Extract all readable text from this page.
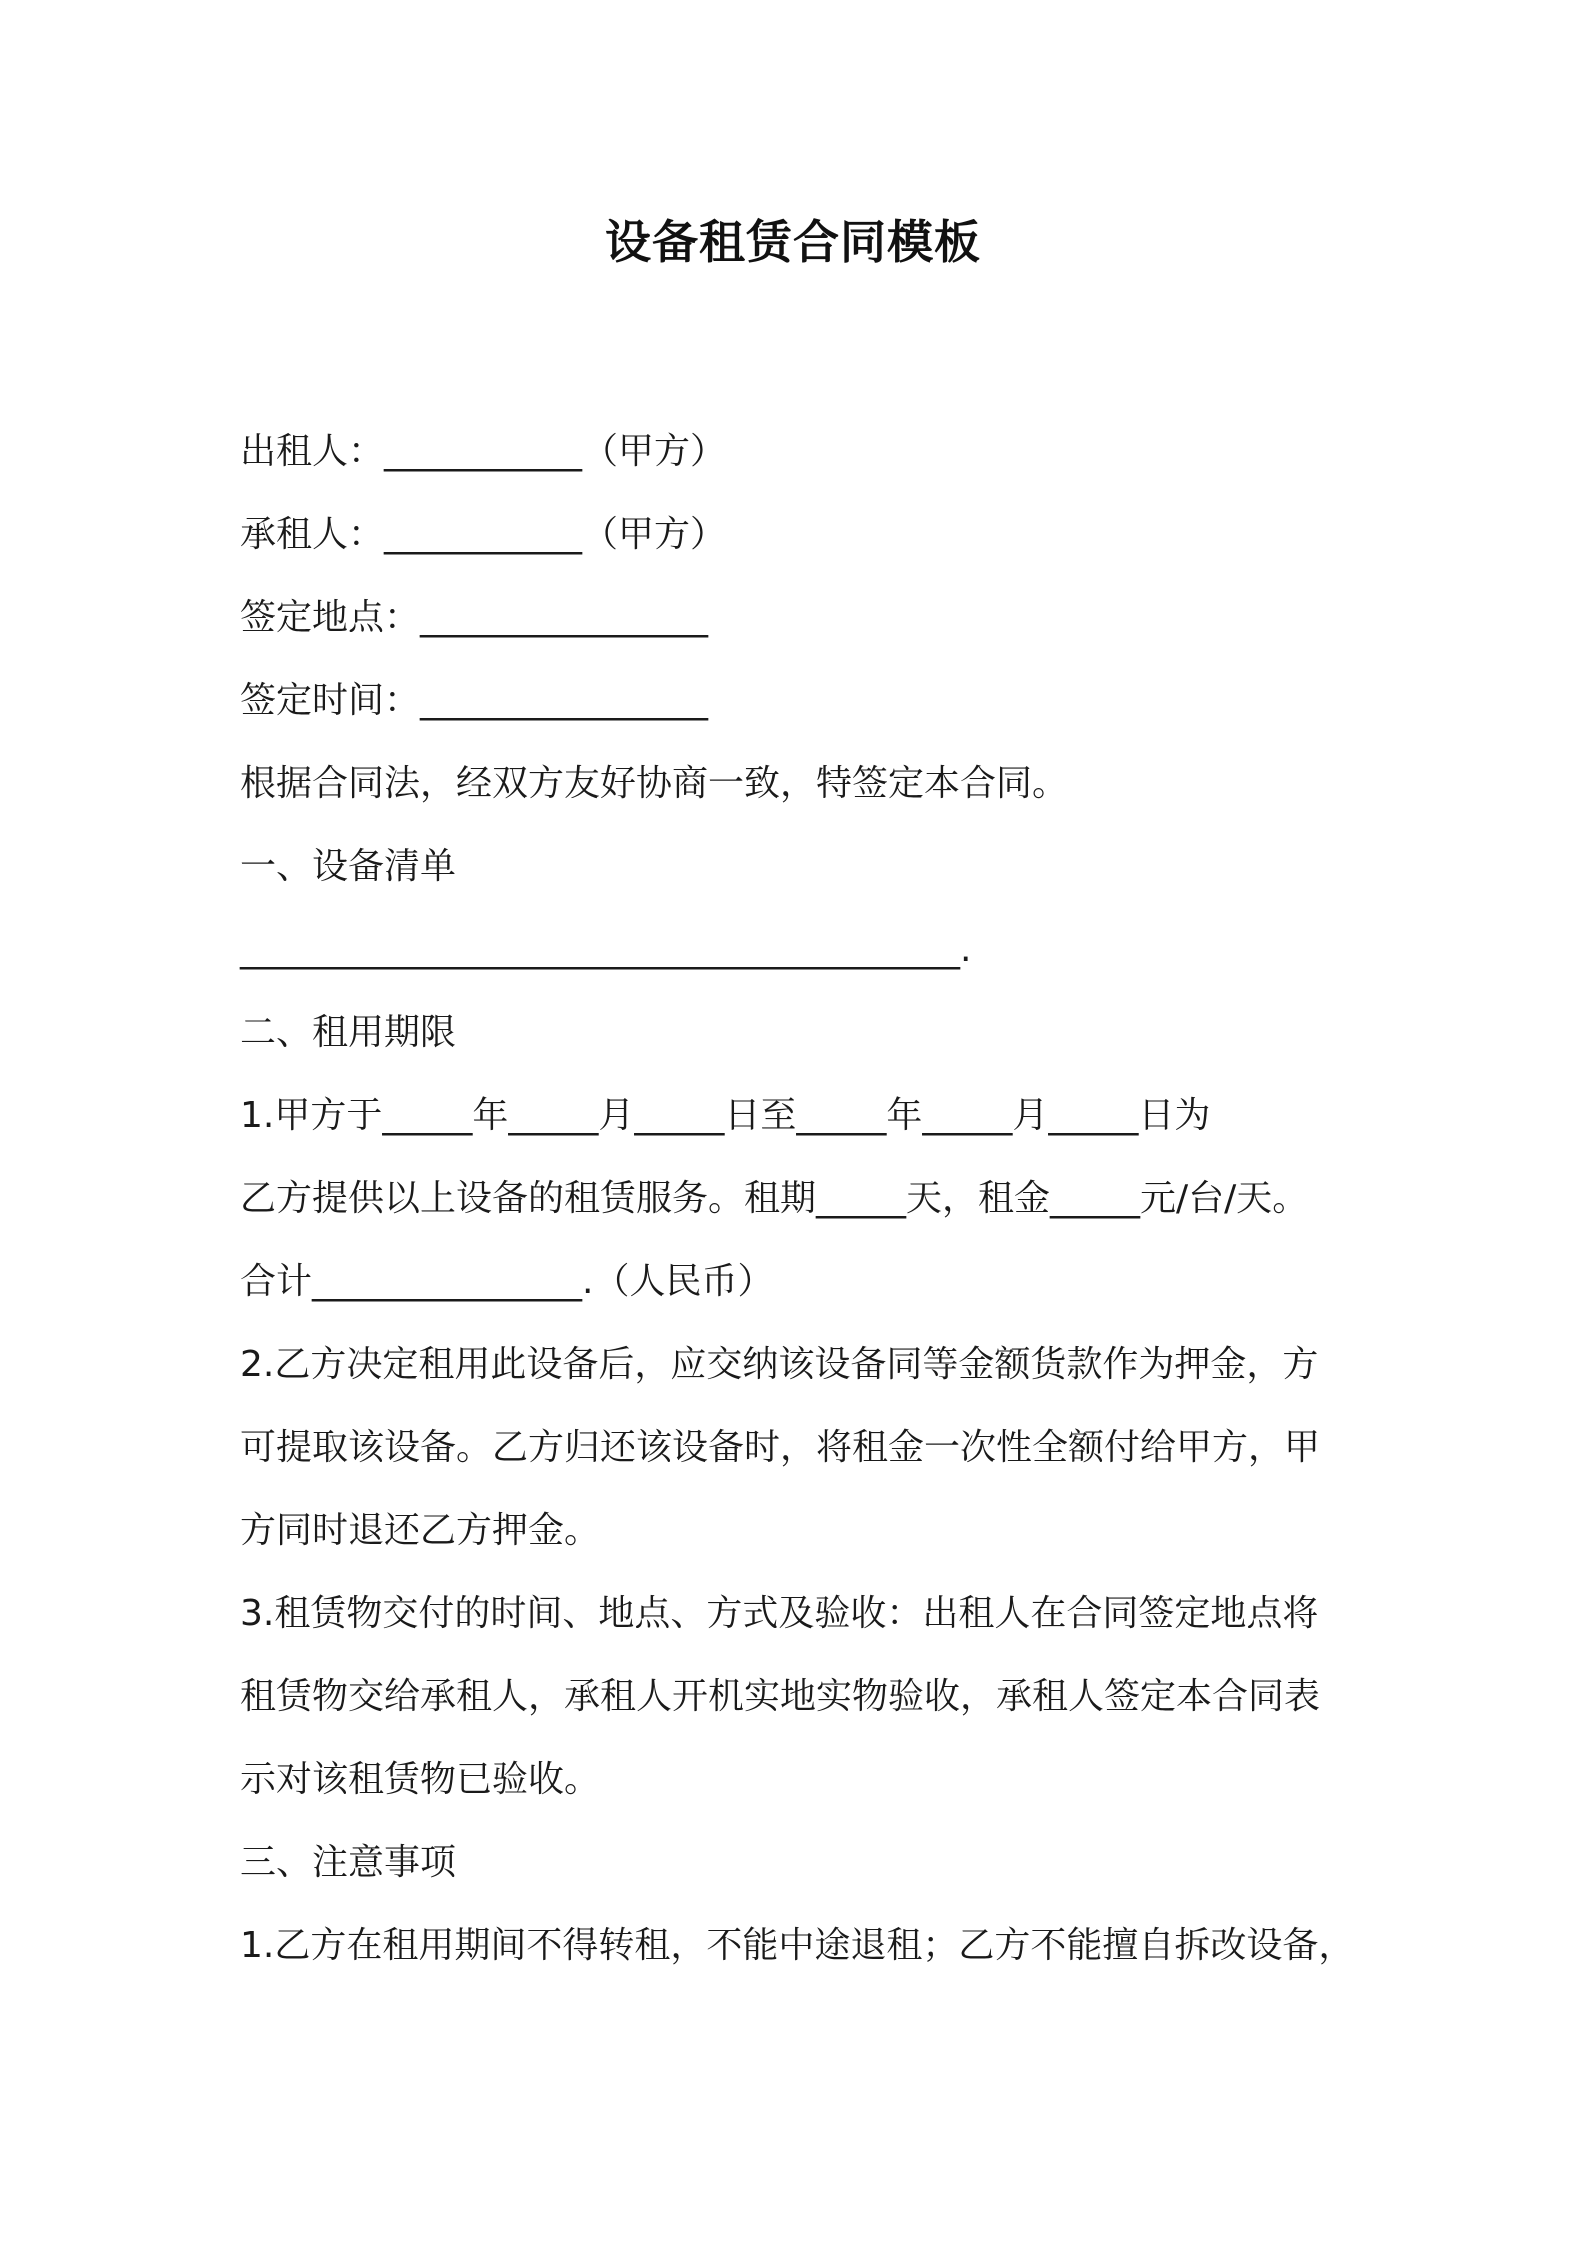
设备租赁合同模板
出租人：___________（甲方）
承租人：___________（甲方）
签定地点：________________
签定时间：________________
根据合同法，经双方友好协商一致，特签定本合同。
一、设备清单
________________________________________.
二、租用期限
1.甲方于_____年_____月_____日至_____年_____月_____日为
乙方提供以上设备的租赁服务。租期_____天，租金_____元/台/天。
合计_______________.（人民币）
2.乙方决定租用此设备后，应交纳该设备同等金额货款作为押金，方
可提取该设备。乙方归还该设备时，将租金一次性全额付给甲方，甲
方同时退还乙方押金。
3.租赁物交付的时间、地点、方式及验收：出租人在合同签定地点将
租赁物交给承租人，承租人开机实地实物验收，承租人签定本合同表
示对该租赁物已验收。
三、注意事项
1.乙方在租用期间不得转租，不能中途退租；乙方不能擅自拆改设备，
